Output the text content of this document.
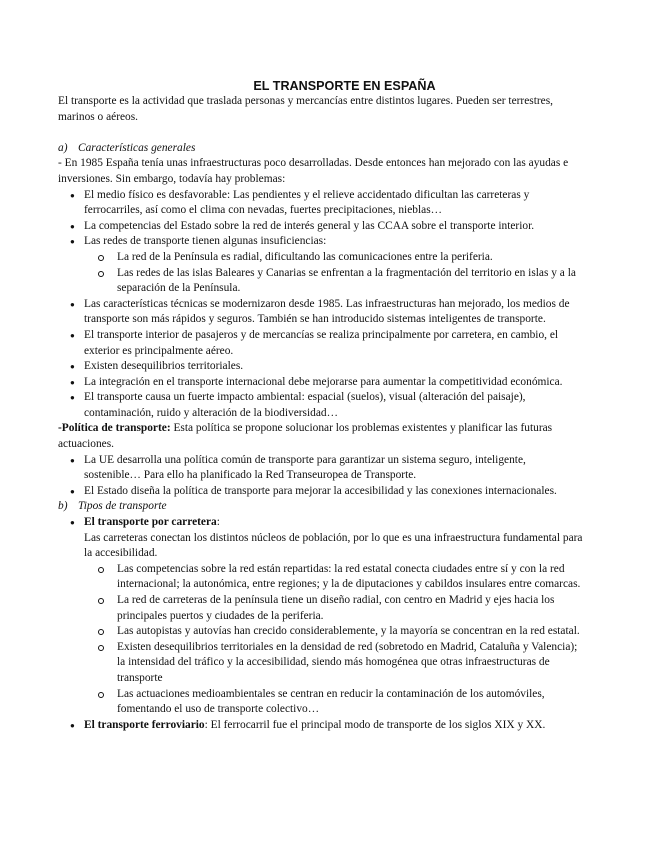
EL TRANSPORTE EN ESPAÑA

El transporte es la actividad que traslada personas y mercancías entre distintos lugares. Pueden ser terrestres, marinos o aéreos.

a) Características generales

- En 1985 España tenía unas infraestructuras poco desarrolladas. Desde entonces han mejorado con las ayudas e inversiones. Sin embargo, todavía hay problemas:

● El medio físico es desfavorable: Las pendientes y el relieve accidentado dificultan las carreteras y ferrocarriles, así como el clima con nevadas, fuertes precipitaciones, nieblas…
● La competencias del Estado sobre la red de interés general y las CCAA sobre el transporte interior.
● Las redes de transporte tienen algunas insuficiencias:
La red de la Península es radial, dificultando las comunicaciones entre la periferia.
Las redes de las islas Baleares y Canarias se enfrentan a la fragmentación del territorio en islas y a la separación de la Península.
● Las características técnicas se modernizaron desde 1985. Las infraestructuras han mejorado, los medios de transporte son más rápidos y seguros. También se han introducido sistemas inteligentes de transporte.
● El transporte interior de pasajeros y de mercancías se realiza principalmente por carretera, en cambio, el exterior es principalmente aéreo.
● Existen desequilibrios territoriales.
● La integración en el transporte internacional debe mejorarse para aumentar la competitividad económica.
● El transporte causa un fuerte impacto ambiental: espacial (suelos), visual (alteración del paisaje), contaminación, ruido y alteración de la biodiversidad…

-Política de transporte: Esta política se propone solucionar los problemas existentes y planificar las futuras actuaciones.

● La UE desarrolla una política común de transporte para garantizar un sistema seguro, inteligente, sostenible… Para ello ha planificado la Red Transeuropea de Transporte.
● El Estado diseña la política de transporte para mejorar la accesibilidad y las conexiones internacionales.

b) Tipos de transporte

● El transporte por carretera:

Las carreteras conectan los distintos núcleos de población, por lo que es una infraestructura fundamental para la accesibilidad.

Las competencias sobre la red están repartidas: la red estatal conecta ciudades entre sí y con la red internacional; la autonómica, entre regiones; y la de diputaciones y cabildos insulares entre comarcas.
La red de carreteras de la península tiene un diseño radial, con centro en Madrid y ejes hacia los principales puertos y ciudades de la periferia.
Las autopistas y autovías han crecido considerablemente, y la mayoría se concentran en la red estatal.
Existen desequilibrios territoriales en la densidad de red (sobretodo en Madrid, Cataluña y Valencia); la intensidad del tráfico y la accesibilidad, siendo más homogénea que otras infraestructuras de transporte
Las actuaciones medioambientales se centran en reducir la contaminación de los automóviles, fomentando el uso de transporte colectivo…
● El transporte ferroviario: El ferrocarril fue el principal modo de transporte de los siglos XIX y XX.
